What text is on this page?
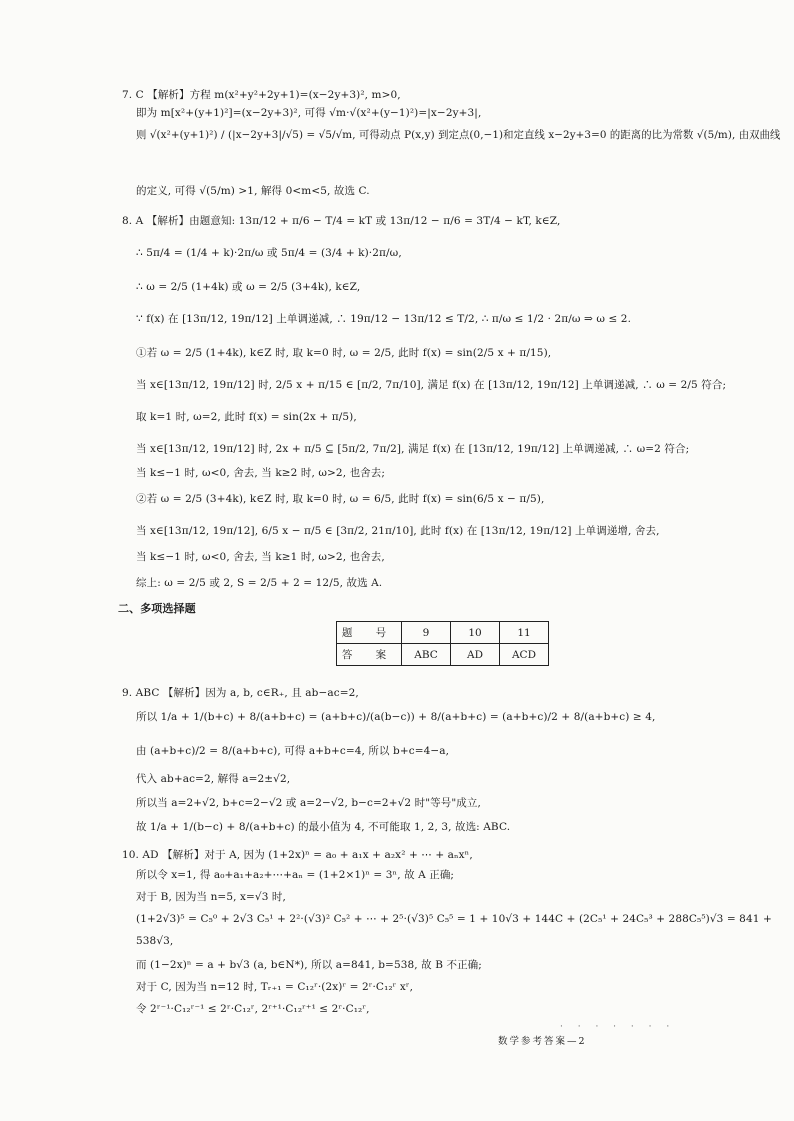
7. C 【解析】方程 m(x²+y²+2y+1)=(x−2y+3)², m>0,
即为 m[x²+(y+1)²]=(x−2y+3)², 可得 √m·√(x²+(y−1)²)=|x−2y+3|,
则 √(x²+(y+1)²) / (|x−2y+3|/√5) = √5/√m, 可得动点 P(x,y) 到定点(0,−1)和定直线 x−2y+3=0 的距离的比为常数 √(5/m), 由双曲线
的定义, 可得 √(5/m) >1, 解得 0<m<5, 故选 C.
8. A 【解析】由题意知: 13π/12 + π/6 − T/4 = kT 或 13π/12 − π/6 = 3T/4 − kT, k∈Z,
∴ 5π/4 = (1/4 + k)·2π/ω 或 5π/4 = (3/4 + k)·2π/ω,
∴ ω = 2/5 (1+4k) 或 ω = 2/5 (3+4k), k∈Z,
∵ f(x) 在 [13π/12, 19π/12] 上单调递减, ∴ 19π/12 − 13π/12 ≤ T/2, ∴ π/ω ≤ 1/2 · 2π/ω ⇒ ω ≤ 2.
①若 ω = 2/5 (1+4k), k∈Z 时, 取 k=0 时, ω = 2/5, 此时 f(x) = sin(2/5 x + π/15),
当 x∈[13π/12, 19π/12] 时, 2/5 x + π/15 ∈ [π/2, 7π/10], 满足 f(x) 在 [13π/12, 19π/12] 上单调递减, ∴ ω = 2/5 符合;
取 k=1 时, ω=2, 此时 f(x) = sin(2x + π/5),
当 x∈[13π/12, 19π/12] 时, 2x + π/5 ⊆ [5π/2, 7π/2], 满足 f(x) 在 [13π/12, 19π/12] 上单调递减, ∴ ω=2 符合;
当 k≤−1 时, ω<0, 舍去, 当 k≥2 时, ω>2, 也舍去;
②若 ω = 2/5 (3+4k), k∈Z 时, 取 k=0 时, ω = 6/5, 此时 f(x) = sin(6/5 x − π/5),
当 x∈[13π/12, 19π/12], 6/5 x − π/5 ∈ [3π/2, 21π/10], 此时 f(x) 在 [13π/12, 19π/12] 上单调递增, 舍去,
当 k≤−1 时, ω<0, 舍去, 当 k≥1 时, ω>2, 也舍去,
综上: ω = 2/5 或 2, S = 2/5 + 2 = 12/5, 故选 A.
9. ABC 【解析】因为 a, b, c∈R₊, 且 ab−ac=2,
所以 1/a + 1/(b+c) + 8/(a+b+c) = (a+b+c)/(a(b−c)) + 8/(a+b+c) = (a+b+c)/2 + 8/(a+b+c) ≥ 4,
由 (a+b+c)/2 = 8/(a+b+c), 可得 a+b+c=4, 所以 b+c=4−a,
代入 ab+ac=2, 解得 a=2±√2,
所以当 a=2+√2, b+c=2−√2 或 a=2−√2, b−c=2+√2 时"等号"成立,
故 1/a + 1/(b−c) + 8/(a+b+c) 的最小值为 4, 不可能取 1, 2, 3, 故选: ABC.
10. AD 【解析】对于 A, 因为 (1+2x)ⁿ = a₀ + a₁x + a₂x² + ⋯ + aₙxⁿ,
所以令 x=1, 得 a₀+a₁+a₂+⋯+aₙ = (1+2×1)ⁿ = 3ⁿ, 故 A 正确;
对于 B, 因为当 n=5, x=√3 时,
(1+2√3)⁵ = C₅⁰ + 2√3 C₅¹ + 2²·(√3)² C₅² + ⋯ + 2⁵·(√3)⁵ C₅⁵ = 1 + 10√3 + 144C + (2C₅¹ + 24C₅³ + 288C₅⁵)√3 = 841 +
538√3,
而 (1−2x)ⁿ = a + b√3 (a, b∈N*), 所以 a=841, b=538, 故 B 不正确;
对于 C, 因为当 n=12 时, Tᵣ₊₁ = C₁₂ʳ·(2x)ʳ = 2ʳ·C₁₂ʳ xʳ,
令 2ʳ⁻¹·C₁₂ʳ⁻¹ ≤ 2ʳ·C₁₂ʳ, 2ʳ⁺¹·C₁₂ʳ⁺¹ ≤ 2ʳ·C₁₂ʳ,
二、多项选择题
题 号	9	10	11
答 案	ABC	AD	ACD
数学参考答案—2
· · · · · · ·
